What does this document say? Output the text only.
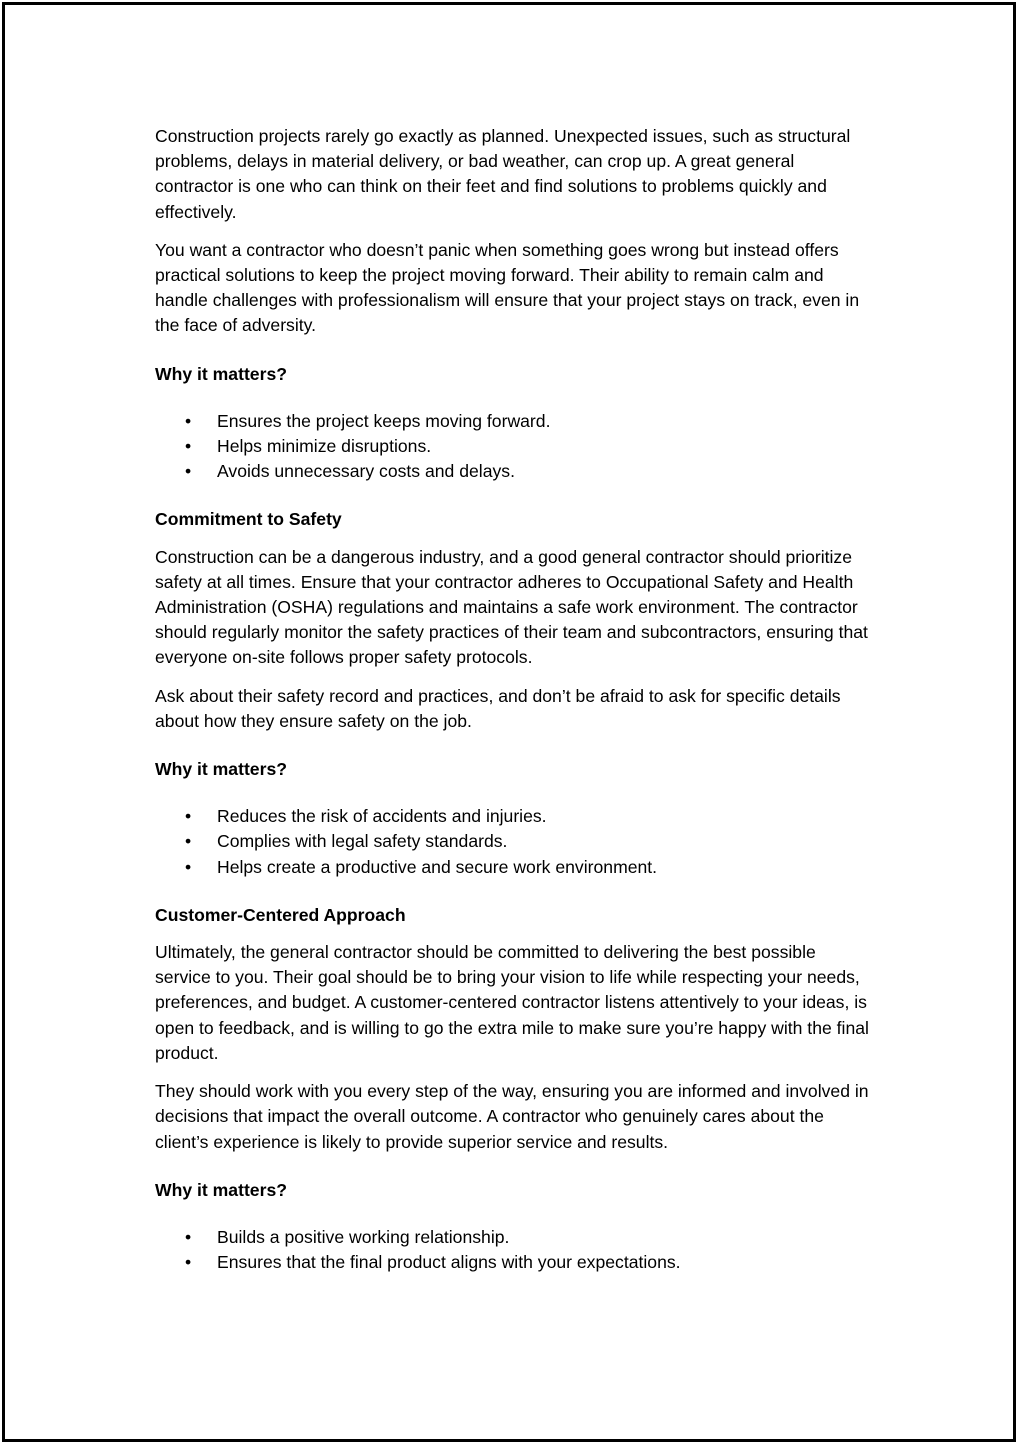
Construction projects rarely go exactly as planned. Unexpected issues, such as structural problems, delays in material delivery, or bad weather, can crop up. A great general contractor is one who can think on their feet and find solutions to problems quickly and effectively.

You want a contractor who doesn’t panic when something goes wrong but instead offers practical solutions to keep the project moving forward. Their ability to remain calm and handle challenges with professionalism will ensure that your project stays on track, even in the face of adversity.

Why it matters?

• Ensures the project keeps moving forward.
• Helps minimize disruptions.
• Avoids unnecessary costs and delays.

Commitment to Safety

Construction can be a dangerous industry, and a good general contractor should prioritize safety at all times. Ensure that your contractor adheres to Occupational Safety and Health Administration (OSHA) regulations and maintains a safe work environment. The contractor should regularly monitor the safety practices of their team and subcontractors, ensuring that everyone on-site follows proper safety protocols.

Ask about their safety record and practices, and don’t be afraid to ask for specific details about how they ensure safety on the job.

Why it matters?

• Reduces the risk of accidents and injuries.
• Complies with legal safety standards.
• Helps create a productive and secure work environment.

Customer-Centered Approach

Ultimately, the general contractor should be committed to delivering the best possible service to you. Their goal should be to bring your vision to life while respecting your needs, preferences, and budget. A customer-centered contractor listens attentively to your ideas, is open to feedback, and is willing to go the extra mile to make sure you’re happy with the final product.

They should work with you every step of the way, ensuring you are informed and involved in decisions that impact the overall outcome. A contractor who genuinely cares about the client’s experience is likely to provide superior service and results.

Why it matters?

• Builds a positive working relationship.
• Ensures that the final product aligns with your expectations.
